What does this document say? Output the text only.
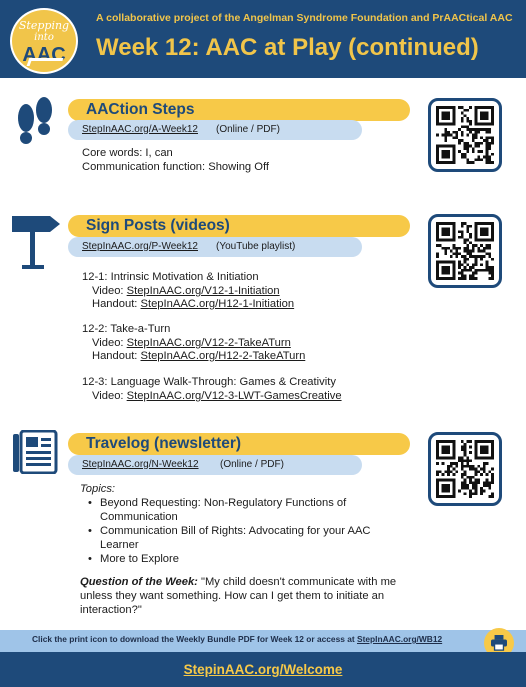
Stepping
into
AAC
A collaborative project of the Angelman Syndrome Foundation and PrAACtical AAC
Week 12: AAC at Play (continued)
AACtion Steps
StepInAAC.org/A-Week12 (Online / PDF)
Core words: I, can
Communication function: Showing Off
Sign Posts (videos)
StepInAAC.org/P-Week12 (YouTube playlist)
12-1: Intrinsic Motivation & Initiation
Video: StepInAAC.org/V12-1-Initiation
Handout: StepInAAC.org/H12-1-Initiation
12-2: Take-a-Turn
Video: StepInAAC.org/V12-2-TakeATurn
Handout: StepInAAC.org/H12-2-TakeATurn
12-3: Language Walk-Through: Games & Creativity
Video: StepInAAC.org/V12-3-LWT-GamesCreative
Travelog (newsletter)
StepInAAC.org/N-Week12 (Online / PDF)
Topics:
• Beyond Requesting: Non-Regulatory Functions of
Communication
• Communication Bill of Rights: Advocating for your AAC
Learner
• More to Explore
Question of the Week: "My child doesn't communicate with me
unless they want something. How can I get them to initiate an
interaction?"
Click the print icon to download the Weekly Bundle PDF for Week 12 or access at StepInAAC.org/WB12
StepinAAC.org/Welcome
